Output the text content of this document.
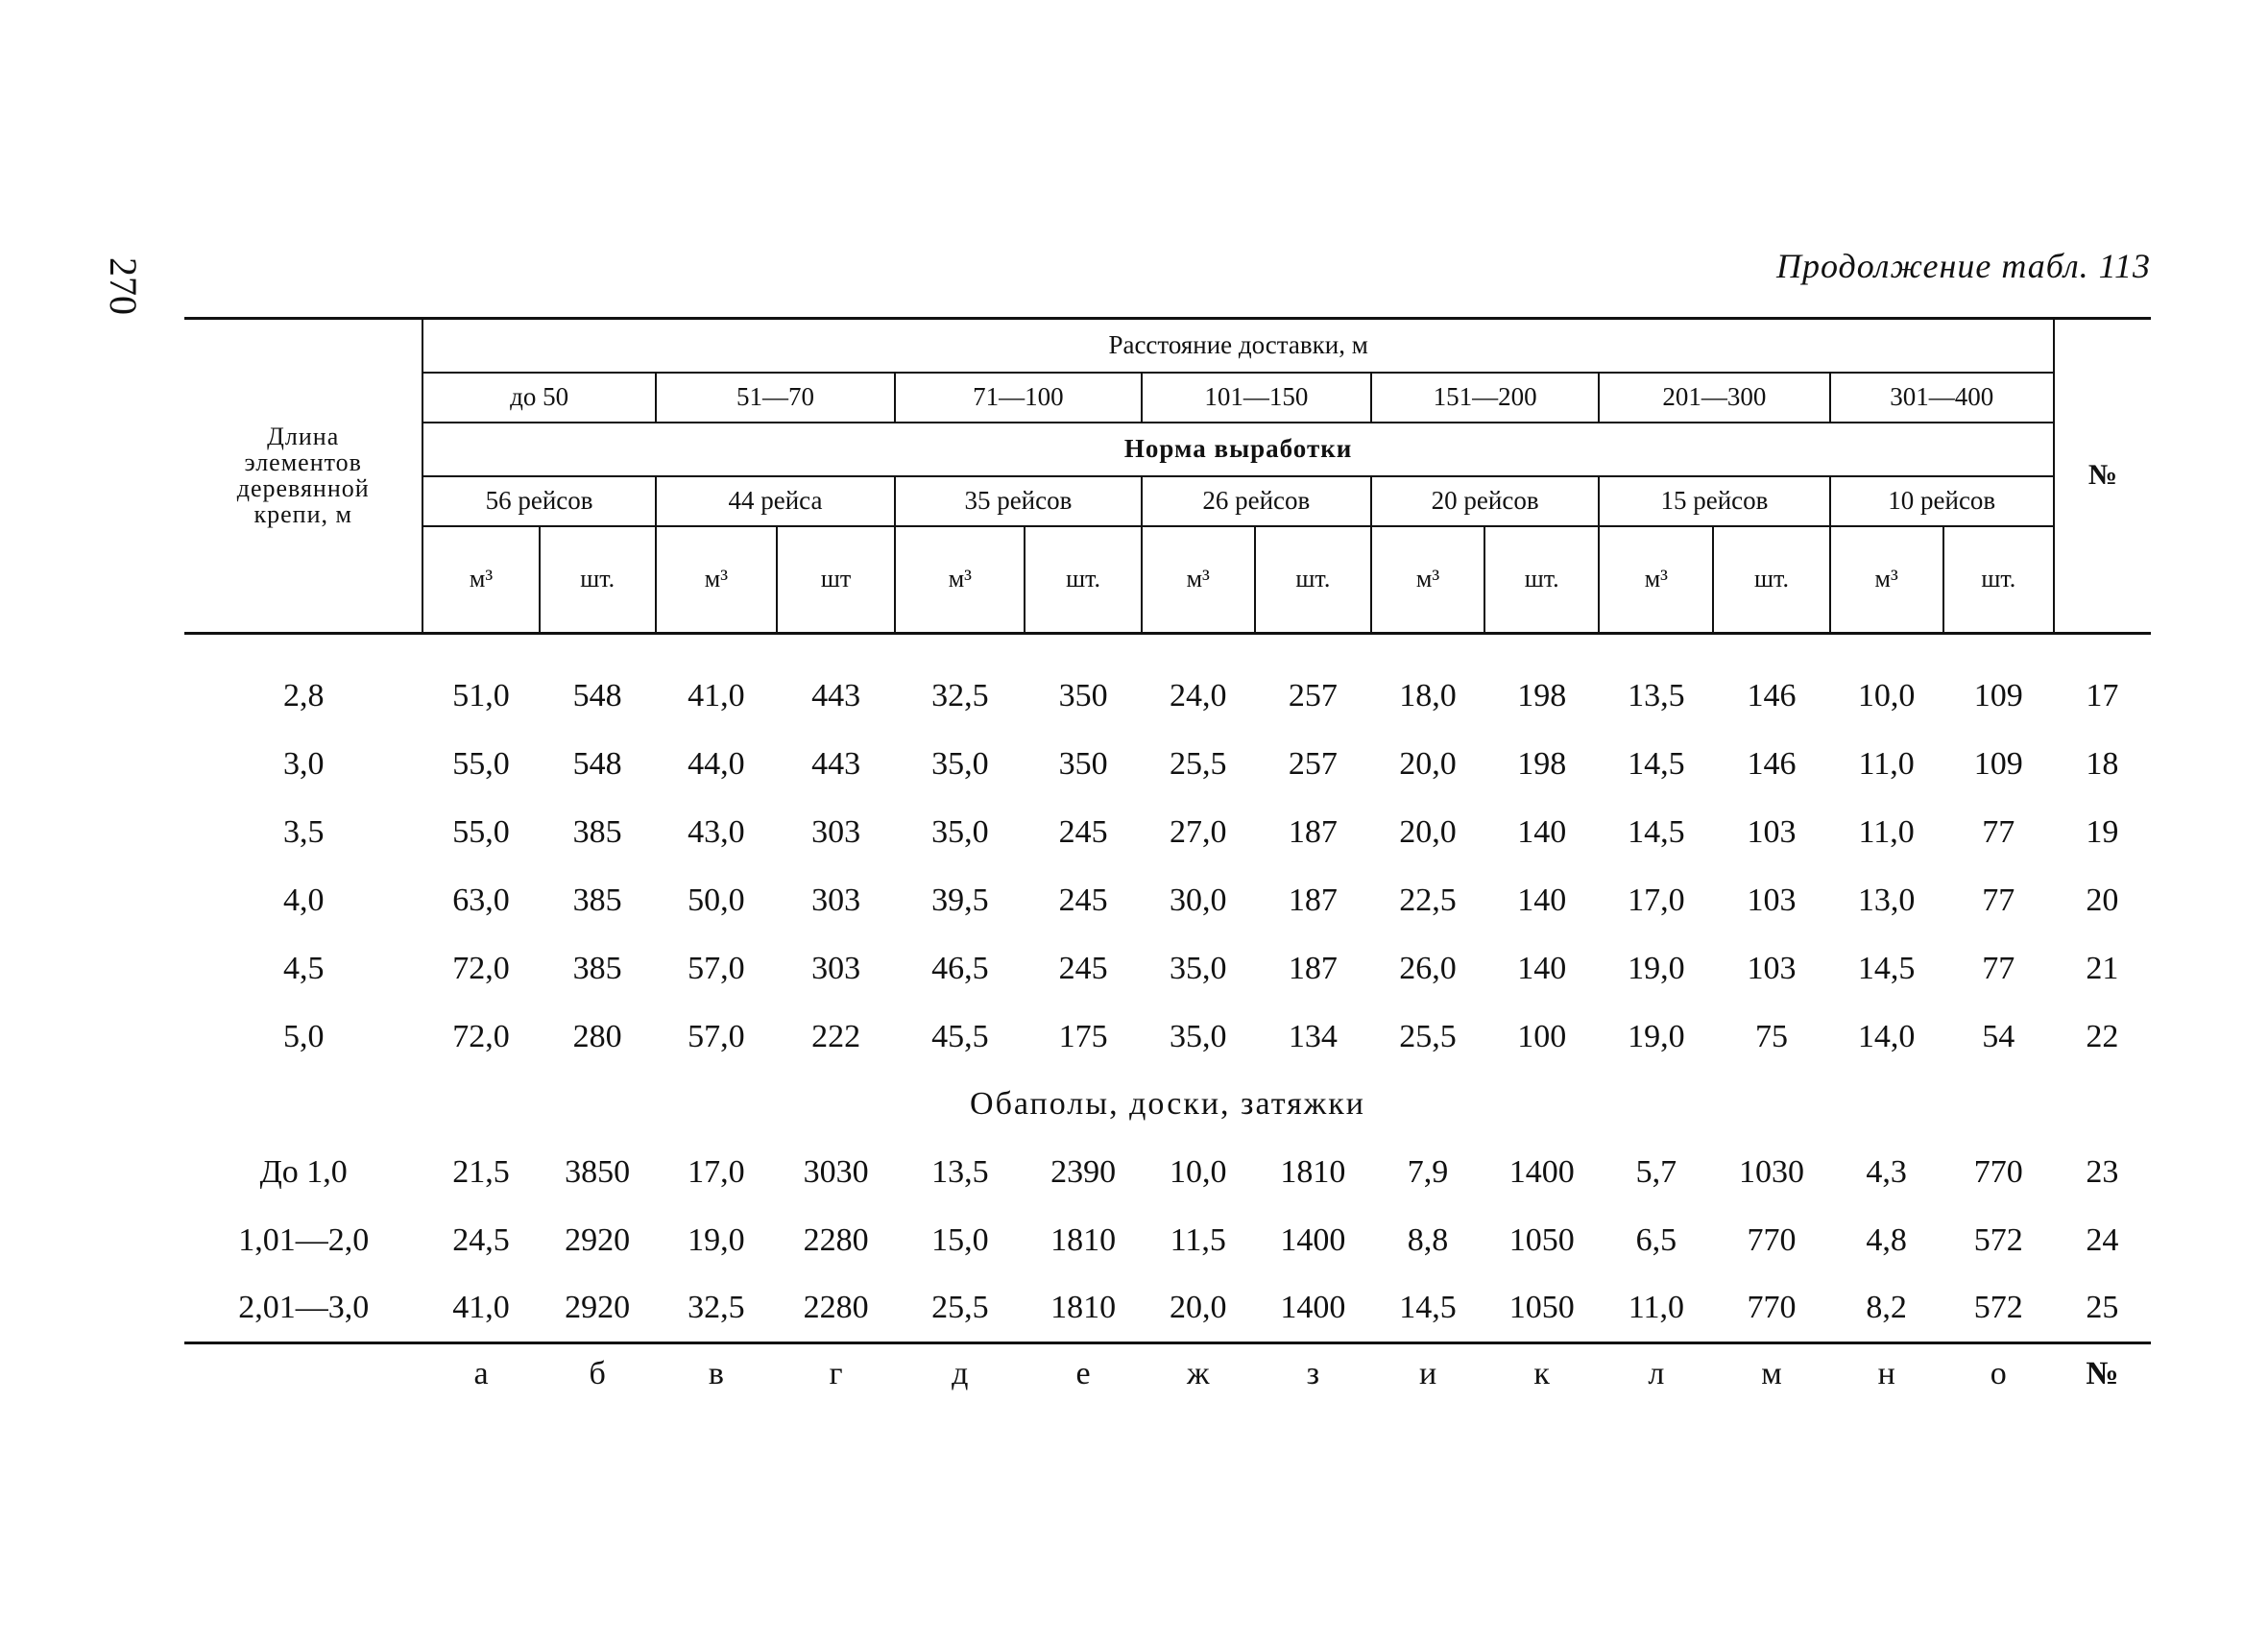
270	Продолжение табл. 113
Длина
элементов
деревянной
крепи, м	Расстояние доставки, м														№
	до 50		51—70		71—100		101—150		151—200		201—300		301—400		
	Норма выработки														
	56 рейсов		44 рейса		35 рейсов		26 рейсов		20 рейсов		15 рейсов		10 рейсов		
	м³	шт.	м³	шт	м³	шт.	м³	шт.	м³	шт.	м³	шт.	м³	шт.	

2,8	51,0	548	41,0	443	32,5	350	24,0	257	18,0	198	13,5	146	10,0	109	17
3,0	55,0	548	44,0	443	35,0	350	25,5	257	20,0	198	14,5	146	11,0	109	18
3,5	55,0	385	43,0	303	35,0	245	27,0	187	20,0	140	14,5	103	11,0	77	19
4,0	63,0	385	50,0	303	39,5	245	30,0	187	22,5	140	17,0	103	13,0	77	20
4,5	72,0	385	57,0	303	46,5	245	35,0	187	26,0	140	19,0	103	14,5	77	21
5,0	72,0	280	57,0	222	45,5	175	35,0	134	25,5	100	19,0	75	14,0	54	22
Обаполы, доски, затяжки															
До 1,0	21,5	3850	17,0	3030	13,5	2390	10,0	1810	7,9	1400	5,7	1030	4,3	770	23
1,01—2,0	24,5	2920	19,0	2280	15,0	1810	11,5	1400	8,8	1050	6,5	770	4,8	572	24
2,01—3,0	41,0	2920	32,5	2280	25,5	1810	20,0	1400	14,5	1050	11,0	770	8,2	572	25
	а	б	в	г	д	е	ж	з	и	к	л	м	н	о	№
